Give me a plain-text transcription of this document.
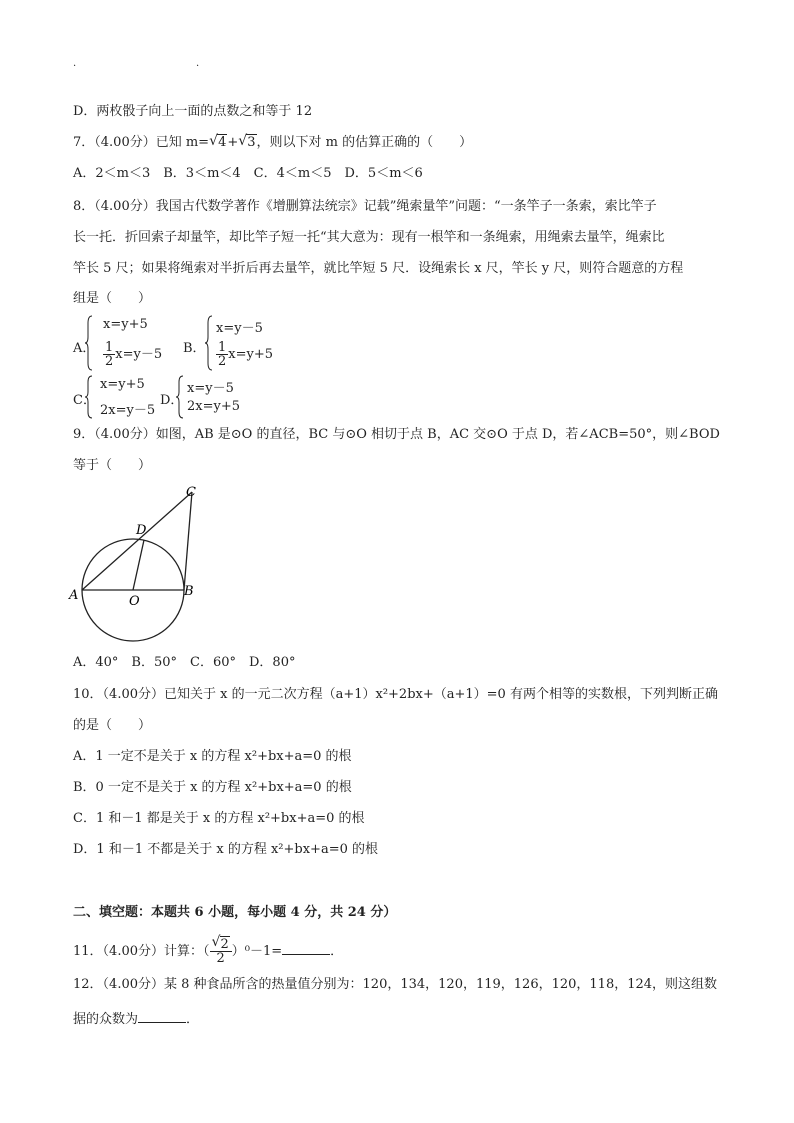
.	.
D．两枚骰子向上一面的点数之和等于 12
7．（4.00分）已知 m= √ 4+ √ 3，则以下对 m 的估算正确的（　　）
A．2＜m＜3　B．3＜m＜4　C．4＜m＜5　D．5＜m＜6
8．（4.00分）我国古代数学著作《增删算法统宗》记载”绳索量竿”问题：“一条竿子一条索，索比竿子
长一托．折回索子却量竿，却比竿子短一托“其大意为：现有一根竿和一条绳索，用绳索去量竿，绳索比
竿长 5 尺；如果将绳索对半折后再去量竿，就比竿短 5 尺．设绳索长 x 尺，竿长 y 尺，则符合题意的方程
组是（　　）
A．
x=y+5
$\frac{1}{2} x=y-5$ B．
x=y－5
$\frac{1}{2} x=y+5$
C．
x=y+5
2x=y－5
D．
x=y－5
2x=y+5
9．（4.00分）如图，AB 是⊙O 的直径，BC 与⊙O 相切于点 B，AC 交⊙O 于点 D，若∠ACB=50°，则∠BOD
等于（　　）
A	B
C
D
O
A．40°　B．50°　C．60°　D．80°
10．（4.00分）已知关于 x 的一元二次方程（a+1）x²+2bx+（a+1）=0 有两个相等的实数根，下列判断正确
的是（　　）
A．1 一定不是关于 x 的方程 x²+bx+a=0 的根
B．0 一定不是关于 x 的方程 x²+bx+a=0 的根
C．1 和－1 都是关于 x 的方程 x²+bx+a=0 的根
D．1 和－1 不都是关于 x 的方程 x²+bx+a=0 的根
二、填空题：本题共 6 小题，每小题 4 分，共 24 分）
11．（4.00分）计算：（ $\frac{√ 2}{2} )^0-1=$	．
12．（4.00分）某 8 种食品所含的热量值分别为：120，134，120，119，126，120，118，124，则这组数
据的众数为	．
